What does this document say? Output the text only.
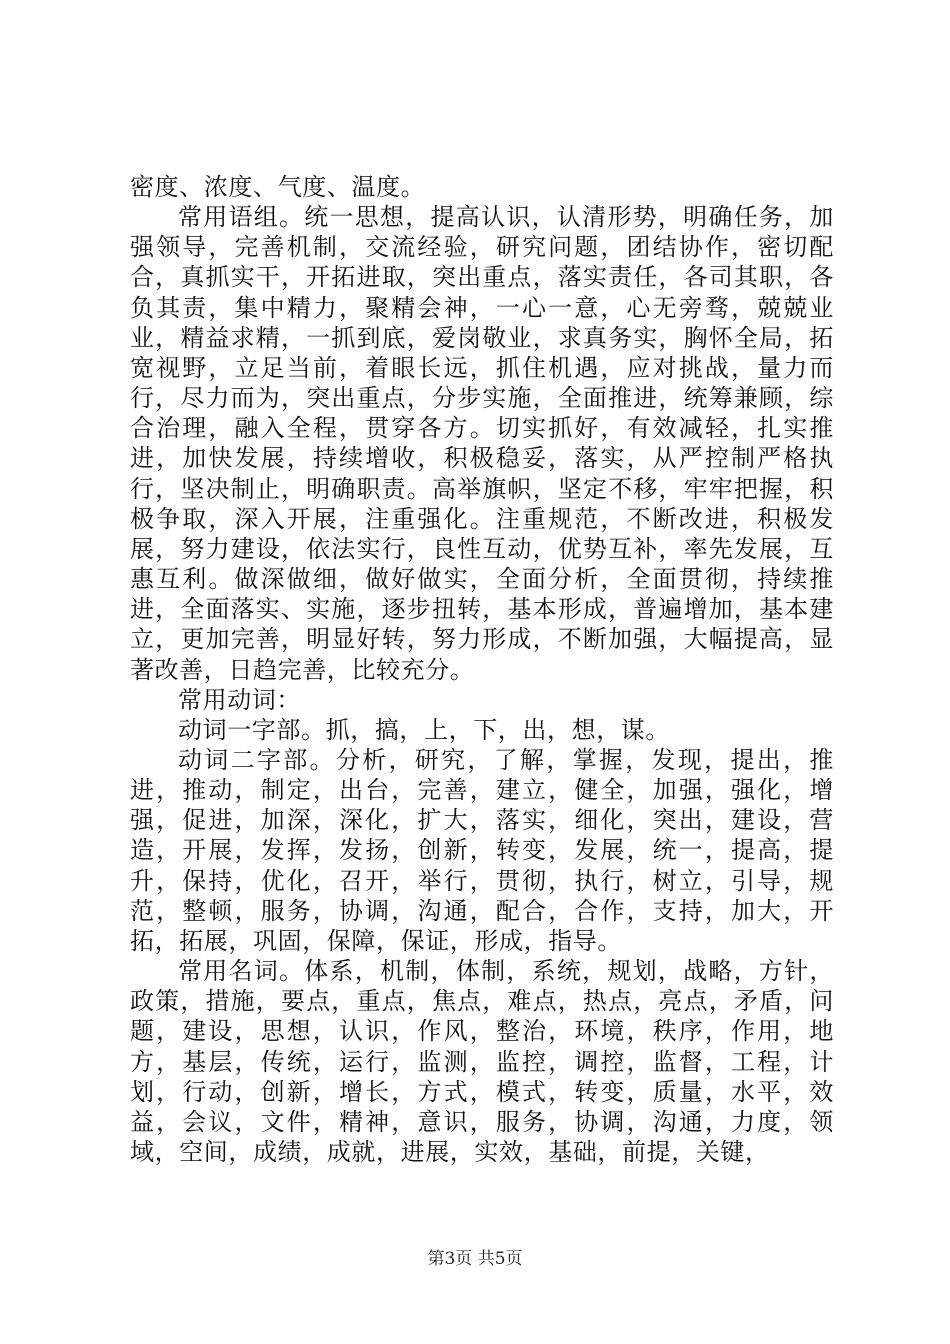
密度、浓度、气度、温度。

常用语组。统一思想，提高认识，认清形势，明确任务，加强领导，完善机制，交流经验，研究问题，团结协作，密切配合，真抓实干，开拓进取，突出重点，落实责任，各司其职，各负其责，集中精力，聚精会神，一心一意，心无旁骛，兢兢业业，精益求精，一抓到底，爱岗敬业，求真务实，胸怀全局，拓宽视野，立足当前，着眼长远，抓住机遇，应对挑战，量力而行，尽力而为，突出重点，分步实施，全面推进，统筹兼顾，综合治理，融入全程，贯穿各方。切实抓好，有效减轻，扎实推进，加快发展，持续增收，积极稳妥，落实，从严控制严格执行，坚决制止，明确职责。高举旗帜，坚定不移，牢牢把握，积极争取，深入开展，注重强化。注重规范，不断改进，积极发展，努力建设，依法实行，良性互动，优势互补，率先发展，互惠互利。做深做细，做好做实，全面分析，全面贯彻，持续推进，全面落实、实施，逐步扭转，基本形成，普遍增加，基本建立，更加完善，明显好转，努力形成，不断加强，大幅提高，显著改善，日趋完善，比较充分。

常用动词：

动词一字部。抓，搞，上，下，出，想，谋。

动词二字部。分析，研究，了解，掌握，发现，提出，推进，推动，制定，出台，完善，建立，健全，加强，强化，增强，促进，加深，深化，扩大，落实，细化，突出，建设，营造，开展，发挥，发扬，创新，转变，发展，统一，提高，提升，保持，优化，召开，举行，贯彻，执行，树立，引导，规范，整顿，服务，协调，沟通，配合，合作，支持，加大，开拓，拓展，巩固，保障，保证，形成，指导。

常用名词。体系，机制，体制，系统，规划，战略，方针，政策，措施，要点，重点，焦点，难点，热点，亮点，矛盾，问题，建设，思想，认识，作风，整治，环境，秩序，作用，地方，基层，传统，运行，监测，监控，调控，监督，工程，计划，行动，创新，增长，方式，模式，转变，质量，水平，效益，会议，文件，精神，意识，服务，协调，沟通，力度，领域，空间，成绩，成就，进展，实效，基础，前提，关键，

第3页 共5页
